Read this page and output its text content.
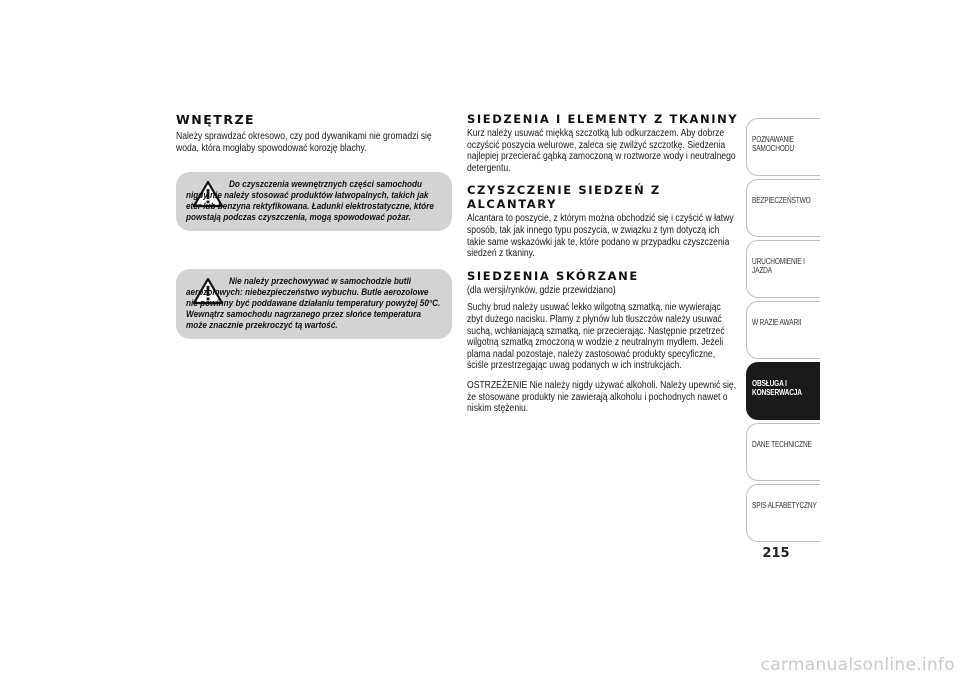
WNĘTRZE

Należy sprawdzać okresowo, czy pod dywanikami nie gromadzi się woda, która mogłaby spowodować korozję blachy.

Do czyszczenia wewnętrznych części samochodu nigdy nie należy stosować produktów łatwopalnych, takich jak eter lub benzyna rektyfikowana. Ładunki elektrostatyczne, które powstają podczas czyszczenia, mogą spowodować pożar.

Nie należy przechowywać w samochodzie butli aerozolowych: niebezpieczeństwo wybuchu. Butle aerozolowe nie powinny być poddawane działaniu temperatury powyżej 50°C. Wewnątrz samochodu nagrzanego przez słońce temperatura może znacznie przekroczyć tą wartość.

SIEDZENIA I ELEMENTY Z TKANINY

Kurz należy usuwać miękką szczotką lub odkurzaczem. Aby dobrze oczyścić poszycia welurowe, zaleca się zwilżyć szczotkę. Siedzenia najlepiej przecierać gąbką zamoczoną w roztworze wody i neutralnego detergentu.

CZYSZCZENIE SIEDZEŃ Z ALCANTARY

Alcantara to poszycie, z którym można obchodzić się i czyścić w łatwy sposób, tak jak innego typu poszycia, w związku z tym dotyczą ich takie same wskazówki jak te, które podano w przypadku czyszczenia siedzeń z tkaniny.

SIEDZENIA SKÓRZANE

(dla wersji/rynków, gdzie przewidziano)

Suchy brud należy usuwać lekko wilgotną szmatką, nie wywierając zbyt dużego nacisku. Plamy z płynów lub tłuszczów należy usuwać suchą, wchłaniającą szmatką, nie przecierając. Następnie przetrzeć wilgotną szmatką zmoczoną w wodzie z neutralnym mydłem. Jeżeli plama nadal pozostaje, należy zastosować produkty specyficzne, ściśle przestrzegając uwag podanych w ich instrukcjach.

OSTRZEŻENIE Nie należy nigdy używać alkoholi. Należy upewnić się, że stosowane produkty nie zawierają alkoholu i pochodnych nawet o niskim stężeniu.

POZNAWANIE SAMOCHODU
BEZPIECZEŃSTWO
URUCHOMIENIE I JAZDA
W RAZIE AWARII
OBSŁUGA I KONSERWACJA
DANE TECHNICZNE
SPIS ALFABETYCZNY
215
carmanualsonline.info
